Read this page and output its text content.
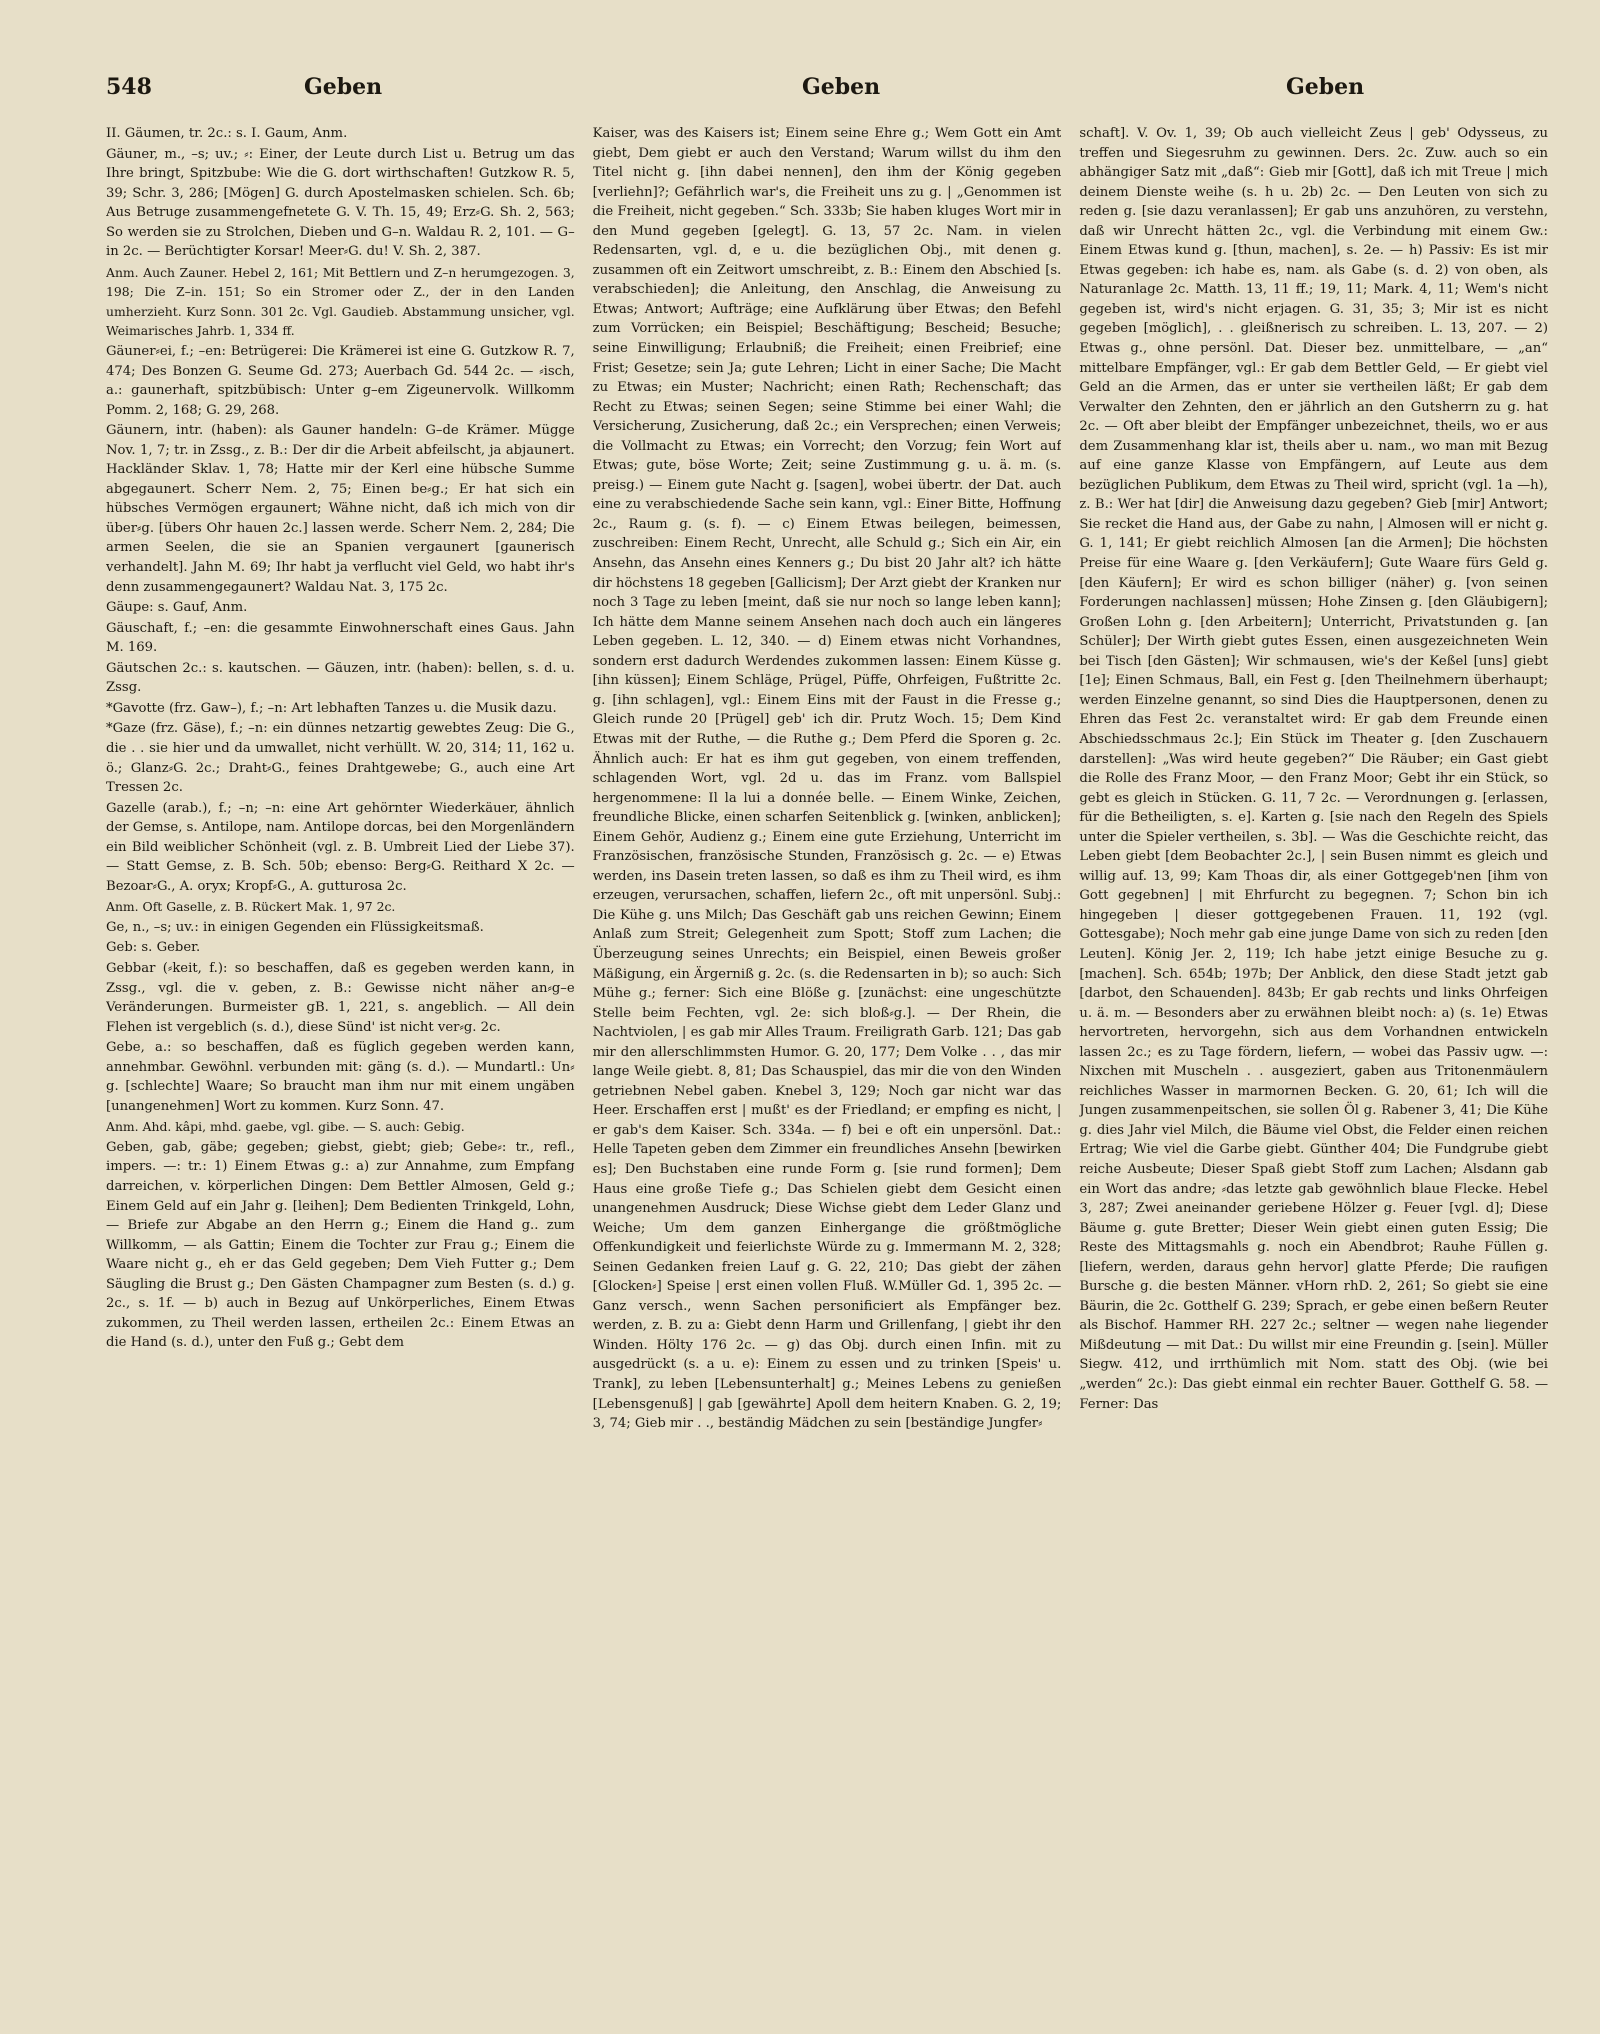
548	Geben	Geben	Geben

II. Gäumen, tr. 2c.: s. I. Gaum, Anm.

Gäuner, m., –s; uv.; ⸗: Einer, der Leute durch List u. Betrug um das Ihre bringt, Spitzbube: Wie die G. dort wirthschaften! Gutzkow R. 5, 39; Schr. 3, 286; [Mögen] G. durch Apostelmasken schielen. Sch. 6b; Aus Betruge zusammengefnetete G. V. Th. 15, 49; Erz⸗G. Sh. 2, 563; So werden sie zu Strolchen, Dieben und G–n. Waldau R. 2, 101. — G–in 2c. — Berüchtigter Korsar! Meer⸗G. du! V. Sh. 2, 387.

Anm. Auch Zauner. Hebel 2, 161; Mit Bettlern und Z–n herumgezogen. 3, 198; Die Z–in. 151; So ein Stromer oder Z., der in den Landen umherzieht. Kurz Sonn. 301 2c. Vgl. Gaudieb. Abstammung unsicher, vgl. Weimarisches Jahrb. 1, 334 ff.

Gäuner⸗ei, f.; –en: Betrügerei: Die Krämerei ist eine G. Gutzkow R. 7, 474; Des Bonzen G. Seume Gd. 273; Auerbach Gd. 544 2c. — ⸗isch, a.: gaunerhaft, spitzbübisch: Unter g–em Zigeunervolk. Willkomm Pomm. 2, 168; G. 29, 268.

Gäunern, intr. (haben): als Gauner handeln: G–de Krämer. Mügge Nov. 1, 7; tr. in Zssg., z. B.: Der dir die Arbeit abfeilscht, ja abjaunert. Hackländer Sklav. 1, 78; Hatte mir der Kerl eine hübsche Summe abgegaunert. Scherr Nem. 2, 75; Einen be⸗g.; Er hat sich ein hübsches Vermögen ergaunert; Wähne nicht, daß ich mich von dir über⸗g. [übers Ohr hauen 2c.] lassen werde. Scherr Nem. 2, 284; Die armen Seelen, die sie an Spanien vergaunert [gaunerisch verhandelt]. Jahn M. 69; Ihr habt ja verflucht viel Geld, wo habt ihr's denn zusammengegaunert? Waldau Nat. 3, 175 2c.

Gäupe: s. Gauf, Anm.

Gäuschaft, f.; –en: die gesammte Einwohnerschaft eines Gaus. Jahn M. 169.

Gäutschen 2c.: s. kautschen. — Gäuzen, intr. (haben): bellen, s. d. u. Zssg.

*Gavotte (frz. Gaw–), f.; –n: Art lebhaften Tanzes u. die Musik dazu.

*Gaze (frz. Gäse), f.; –n: ein dünnes netzartig gewebtes Zeug: Die G., die . . sie hier und da umwallet, nicht verhüllt. W. 20, 314; 11, 162 u. ö.; Glanz⸗G. 2c.; Draht⸗G., feines Drahtgewebe; G., auch eine Art Tressen 2c.

Gazelle (arab.), f.; –n; –n: eine Art gehörnter Wiederkäuer, ähnlich der Gemse, s. Antilope, nam. Antilope dorcas, bei den Morgenländern ein Bild weiblicher Schönheit (vgl. z. B. Umbreit Lied der Liebe 37). — Statt Gemse, z. B. Sch. 50b; ebenso: Berg⸗G. Reithard X 2c. — Bezoar⸗G., A. oryx; Kropf⸗G., A. gutturosa 2c.

Anm. Oft Gaselle, z. B. Rückert Mak. 1, 97 2c.

Ge, n., –s; uv.: in einigen Gegenden ein Flüssigkeitsmaß.

Geb: s. Geber.

Gebbar (⸗keit, f.): so beschaffen, daß es gegeben werden kann, in Zssg., vgl. die v. geben, z. B.: Gewisse nicht näher an⸗g–e Veränderungen. Burmeister gB. 1, 221, s. angeblich. — All dein Flehen ist vergeblich (s. d.), diese Sünd' ist nicht ver⸗g. 2c.

Gebe, a.: so beschaffen, daß es füglich gegeben werden kann, annehmbar. Gewöhnl. verbunden mit: gäng (s. d.). — Mundartl.: Un⸗g. [schlechte] Waare; So braucht man ihm nur mit einem ungäben [unangenehmen] Wort zu kommen. Kurz Sonn. 47.

Anm. Ahd. kâpi, mhd. gaebe, vgl. gibe. — S. auch: Gebig.

Geben, gab, gäbe; gegeben; giebst, giebt; gieb; Gebe⸗: tr., refl., impers. —: tr.: 1) Einem Etwas g.: a) zur Annahme, zum Empfang darreichen, v. körperlichen Dingen: Dem Bettler Almosen, Geld g.; Einem Geld auf ein Jahr g. [leihen]; Dem Bedienten Trinkgeld, Lohn, — Briefe zur Abgabe an den Herrn g.; Einem die Hand g.. zum Willkomm, — als Gattin; Einem die Tochter zur Frau g.; Einem die Waare nicht g., eh er das Geld gegeben; Dem Vieh Futter g.; Dem Säugling die Brust g.; Den Gästen Champagner zum Besten (s. d.) g. 2c., s. 1f. — b) auch in Bezug auf Unkörperliches, Einem Etwas zukommen, zu Theil werden lassen, ertheilen 2c.: Einem Etwas an die Hand (s. d.), unter den Fuß g.; Gebt dem

Kaiser, was des Kaisers ist; Einem seine Ehre g.; Wem Gott ein Amt giebt, Dem giebt er auch den Verstand; Warum willst du ihm den Titel nicht g. [ihn dabei nennen], den ihm der König gegeben [verliehn]?; Gefährlich war's, die Freiheit uns zu g. | „Genommen ist die Freiheit, nicht gegeben.“ Sch. 333b; Sie haben kluges Wort mir in den Mund gegeben [gelegt]. G. 13, 57 2c. Nam. in vielen Redensarten, vgl. d, e u. die bezüglichen Obj., mit denen g. zusammen oft ein Zeitwort umschreibt, z. B.: Einem den Abschied [s. verabschieden]; die Anleitung, den Anschlag, die Anweisung zu Etwas; Antwort; Aufträge; eine Aufklärung über Etwas; den Befehl zum Vorrücken; ein Beispiel; Beschäftigung; Bescheid; Besuche; seine Einwilligung; Erlaubniß; die Freiheit; einen Freibrief; eine Frist; Gesetze; sein Ja; gute Lehren; Licht in einer Sache; Die Macht zu Etwas; ein Muster; Nachricht; einen Rath; Rechenschaft; das Recht zu Etwas; seinen Segen; seine Stimme bei einer Wahl; die Versicherung, Zusicherung, daß 2c.; ein Versprechen; einen Verweis; die Vollmacht zu Etwas; ein Vorrecht; den Vorzug; fein Wort auf Etwas; gute, böse Worte; Zeit; seine Zustimmung g. u. ä. m. (s. preisg.) — Einem gute Nacht g. [sagen], wobei übertr. der Dat. auch eine zu verabschiedende Sache sein kann, vgl.: Einer Bitte, Hoffnung 2c., Raum g. (s. f). — c) Einem Etwas beilegen, beimessen, zuschreiben: Einem Recht, Unrecht, alle Schuld g.; Sich ein Air, ein Ansehn, das Ansehn eines Kenners g.; Du bist 20 Jahr alt? ich hätte dir höchstens 18 gegeben [Gallicism]; Der Arzt giebt der Kranken nur noch 3 Tage zu leben [meint, daß sie nur noch so lange leben kann]; Ich hätte dem Manne seinem Ansehen nach doch auch ein längeres Leben gegeben. L. 12, 340. — d) Einem etwas nicht Vorhandnes, sondern erst dadurch Werdendes zukommen lassen: Einem Küsse g. [ihn küssen]; Einem Schläge, Prügel, Püffe, Ohrfeigen, Fußtritte 2c. g. [ihn schlagen], vgl.: Einem Eins mit der Faust in die Fresse g.; Gleich runde 20 [Prügel] geb' ich dir. Prutz Woch. 15; Dem Kind Etwas mit der Ruthe, — die Ruthe g.; Dem Pferd die Sporen g. 2c. Ähnlich auch: Er hat es ihm gut gegeben, von einem treffenden, schlagenden Wort, vgl. 2d u. das im Franz. vom Ballspiel hergenommene: Il la lui a donnée belle. — Einem Winke, Zeichen, freundliche Blicke, einen scharfen Seitenblick g. [winken, anblicken]; Einem Gehör, Audienz g.; Einem eine gute Erziehung, Unterricht im Französischen, französische Stunden, Französisch g. 2c. — e) Etwas werden, ins Dasein treten lassen, so daß es ihm zu Theil wird, es ihm erzeugen, verursachen, schaffen, liefern 2c., oft mit unpersönl. Subj.: Die Kühe g. uns Milch; Das Geschäft gab uns reichen Gewinn; Einem Anlaß zum Streit; Gelegenheit zum Spott; Stoff zum Lachen; die Überzeugung seines Unrechts; ein Beispiel, einen Beweis großer Mäßigung, ein Ärgerniß g. 2c. (s. die Redensarten in b); so auch: Sich Mühe g.; ferner: Sich eine Blöße g. [zunächst: eine ungeschützte Stelle beim Fechten, vgl. 2e: sich bloß⸗g.]. — Der Rhein, die Nachtviolen, | es gab mir Alles Traum. Freiligrath Garb. 121; Das gab mir den allerschlimmsten Humor. G. 20, 177; Dem Volke . . , das mir lange Weile giebt. 8, 81; Das Schauspiel, das mir die von den Winden getriebnen Nebel gaben. Knebel 3, 129; Noch gar nicht war das Heer. Erschaffen erst | mußt' es der Friedland; er empfing es nicht, | er gab's dem Kaiser. Sch. 334a. — f) bei e oft ein unpersönl. Dat.: Helle Tapeten geben dem Zimmer ein freundliches Ansehn [bewirken es]; Den Buchstaben eine runde Form g. [sie rund formen]; Dem Haus eine große Tiefe g.; Das Schielen giebt dem Gesicht einen unangenehmen Ausdruck; Diese Wichse giebt dem Leder Glanz und Weiche; Um dem ganzen Einhergange die größtmögliche Offenkundigkeit und feierlichste Würde zu g. Immermann M. 2, 328; Seinen Gedanken freien Lauf g. G. 22, 210; Das giebt der zähen [Glocken⸗] Speise | erst einen vollen Fluß. W.Müller Gd. 1, 395 2c. — Ganz versch., wenn Sachen personificiert als Empfänger bez. werden, z. B. zu a: Giebt denn Harm und Grillenfang, | giebt ihr den Winden. Hölty 176 2c. — g) das Obj. durch einen Infin. mit zu ausgedrückt (s. a u. e): Einem zu essen und zu trinken [Speis' u. Trank], zu leben [Lebensunterhalt] g.; Meines Lebens zu genießen [Lebensgenuß] | gab [gewährte] Apoll dem heitern Knaben. G. 2, 19; 3, 74; Gieb mir . ., beständig Mädchen zu sein [beständige Jungfer⸗

schaft]. V. Ov. 1, 39; Ob auch vielleicht Zeus | geb' Odysseus, zu treffen und Siegesruhm zu gewinnen. Ders. 2c. Zuw. auch so ein abhängiger Satz mit „daß“: Gieb mir [Gott], daß ich mit Treue | mich deinem Dienste weihe (s. h u. 2b) 2c. — Den Leuten von sich zu reden g. [sie dazu veranlassen]; Er gab uns anzuhören, zu verstehn, daß wir Unrecht hätten 2c., vgl. die Verbindung mit einem Gw.: Einem Etwas kund g. [thun, machen], s. 2e. — h) Passiv: Es ist mir Etwas gegeben: ich habe es, nam. als Gabe (s. d. 2) von oben, als Naturanlage 2c. Matth. 13, 11 ff.; 19, 11; Mark. 4, 11; Wem's nicht gegeben ist, wird's nicht erjagen. G. 31, 35; 3; Mir ist es nicht gegeben [möglich], . . gleißnerisch zu schreiben. L. 13, 207. — 2) Etwas g., ohne persönl. Dat. Dieser bez. unmittelbare, — „an“ mittelbare Empfänger, vgl.: Er gab dem Bettler Geld, — Er giebt viel Geld an die Armen, das er unter sie vertheilen läßt; Er gab dem Verwalter den Zehnten, den er jährlich an den Gutsherrn zu g. hat 2c. — Oft aber bleibt der Empfänger unbezeichnet, theils, wo er aus dem Zusammenhang klar ist, theils aber u. nam., wo man mit Bezug auf eine ganze Klasse von Empfängern, auf Leute aus dem bezüglichen Publikum, dem Etwas zu Theil wird, spricht (vgl. 1a —h), z. B.: Wer hat [dir] die Anweisung dazu gegeben? Gieb [mir] Antwort; Sie recket die Hand aus, der Gabe zu nahn, | Almosen will er nicht g. G. 1, 141; Er giebt reichlich Almosen [an die Armen]; Die höchsten Preise für eine Waare g. [den Verkäufern]; Gute Waare fürs Geld g. [den Käufern]; Er wird es schon billiger (näher) g. [von seinen Forderungen nachlassen] müssen; Hohe Zinsen g. [den Gläubigern]; Großen Lohn g. [den Arbeitern]; Unterricht, Privatstunden g. [an Schüler]; Der Wirth giebt gutes Essen, einen ausgezeichneten Wein bei Tisch [den Gästen]; Wir schmausen, wie's der Keßel [uns] giebt [1e]; Einen Schmaus, Ball, ein Fest g. [den Theilnehmern überhaupt; werden Einzelne genannt, so sind Dies die Hauptpersonen, denen zu Ehren das Fest 2c. veranstaltet wird: Er gab dem Freunde einen Abschiedsschmaus 2c.]; Ein Stück im Theater g. [den Zuschauern darstellen]: „Was wird heute gegeben?“ Die Räuber; ein Gast giebt die Rolle des Franz Moor, — den Franz Moor; Gebt ihr ein Stück, so gebt es gleich in Stücken. G. 11, 7 2c. — Verordnungen g. [erlassen, für die Betheiligten, s. e]. Karten g. [sie nach den Regeln des Spiels unter die Spieler vertheilen, s. 3b]. — Was die Geschichte reicht, das Leben giebt [dem Beobachter 2c.], | sein Busen nimmt es gleich und willig auf. 13, 99; Kam Thoas dir, als einer Gottgegeb'nen [ihm von Gott gegebnen] | mit Ehrfurcht zu begegnen. 7; Schon bin ich hingegeben | dieser gottgegebenen Frauen. 11, 192 (vgl. Gottesgabe); Noch mehr gab eine junge Dame von sich zu reden [den Leuten]. König Jer. 2, 119; Ich habe jetzt einige Besuche zu g. [machen]. Sch. 654b; 197b; Der Anblick, den diese Stadt jetzt gab [darbot, den Schauenden]. 843b; Er gab rechts und links Ohrfeigen u. ä. m. — Besonders aber zu erwähnen bleibt noch: a) (s. 1e) Etwas hervortreten, hervorgehn, sich aus dem Vorhandnen entwickeln lassen 2c.; es zu Tage fördern, liefern, — wobei das Passiv ugw. —: Nixchen mit Muscheln . . ausgeziert, gaben aus Tritonenmäulern reichliches Wasser in marmornen Becken. G. 20, 61; Ich will die Jungen zusammenpeitschen, sie sollen Öl g. Rabener 3, 41; Die Kühe g. dies Jahr viel Milch, die Bäume viel Obst, die Felder einen reichen Ertrag; Wie viel die Garbe giebt. Günther 404; Die Fundgrube giebt reiche Ausbeute; Dieser Spaß giebt Stoff zum Lachen; Alsdann gab ein Wort das andre; ⸗das letzte gab gewöhnlich blaue Flecke. Hebel 3, 287; Zwei aneinander geriebene Hölzer g. Feuer [vgl. d]; Diese Bäume g. gute Bretter; Dieser Wein giebt einen guten Essig; Die Reste des Mittagsmahls g. noch ein Abendbrot; Rauhe Füllen g. [liefern, werden, daraus gehn hervor] glatte Pferde; Die raufigen Bursche g. die besten Männer. vHorn rhD. 2, 261; So giebt sie eine Bäurin, die 2c. Gotthelf G. 239; Sprach, er gebe einen beßern Reuter als Bischof. Hammer RH. 227 2c.; seltner — wegen nahe liegender Mißdeutung — mit Dat.: Du willst mir eine Freundin g. [sein]. Müller Siegw. 412, und irrthümlich mit Nom. statt des Obj. (wie bei „werden“ 2c.): Das giebt einmal ein rechter Bauer. Gotthelf G. 58. — Ferner: Das
